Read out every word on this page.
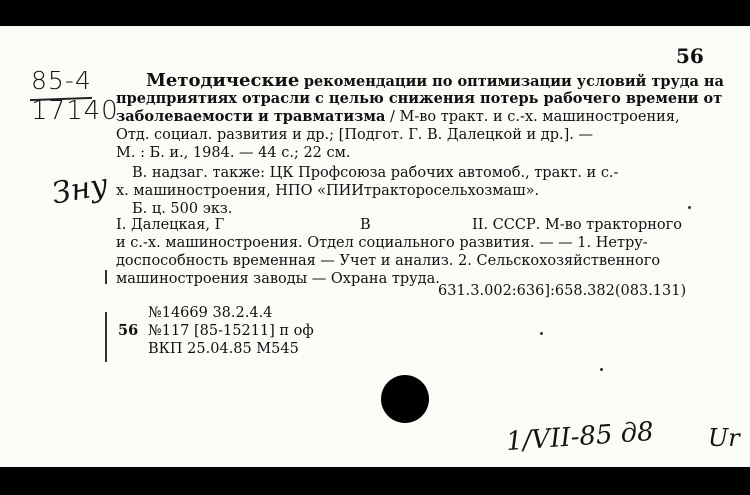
56
85-4
17140
Зну
Методические рекомендации по оптимизации условий труда на
предприятиях отрасли с целью снижения потерь рабочего времени от
заболеваемости и травматизма / М-во тракт. и с.-х. машиностроения,
Отд. социал. развития и др.; [Подгот. Г. В. Далецкой и др.]. —
М. : Б. и., 1984. — 44 с.; 22 см.
В. надзаг. также: ЦК Профсоюза рабочих автомоб., тракт. и с.-
х. машиностроения, НПО «ПИИтракторосельхозмаш».
Б. ц. 500 экз.
I. Далецкая, Г	В	II. СССР. М-во тракторного
и с.-х. машиностроения. Отдел социального развития. — — 1. Нетру-
доспособность временная — Учет и анализ. 2. Сельскохозяйственного
машиностроения заводы — Охрана труда.
631.3.002:636]:658.382(083.131)
№14669 38.2.4.4
56 №117 [85-15211] п оф
ВКП 25.04.85 М545
1/VII-85 д8 Ur
